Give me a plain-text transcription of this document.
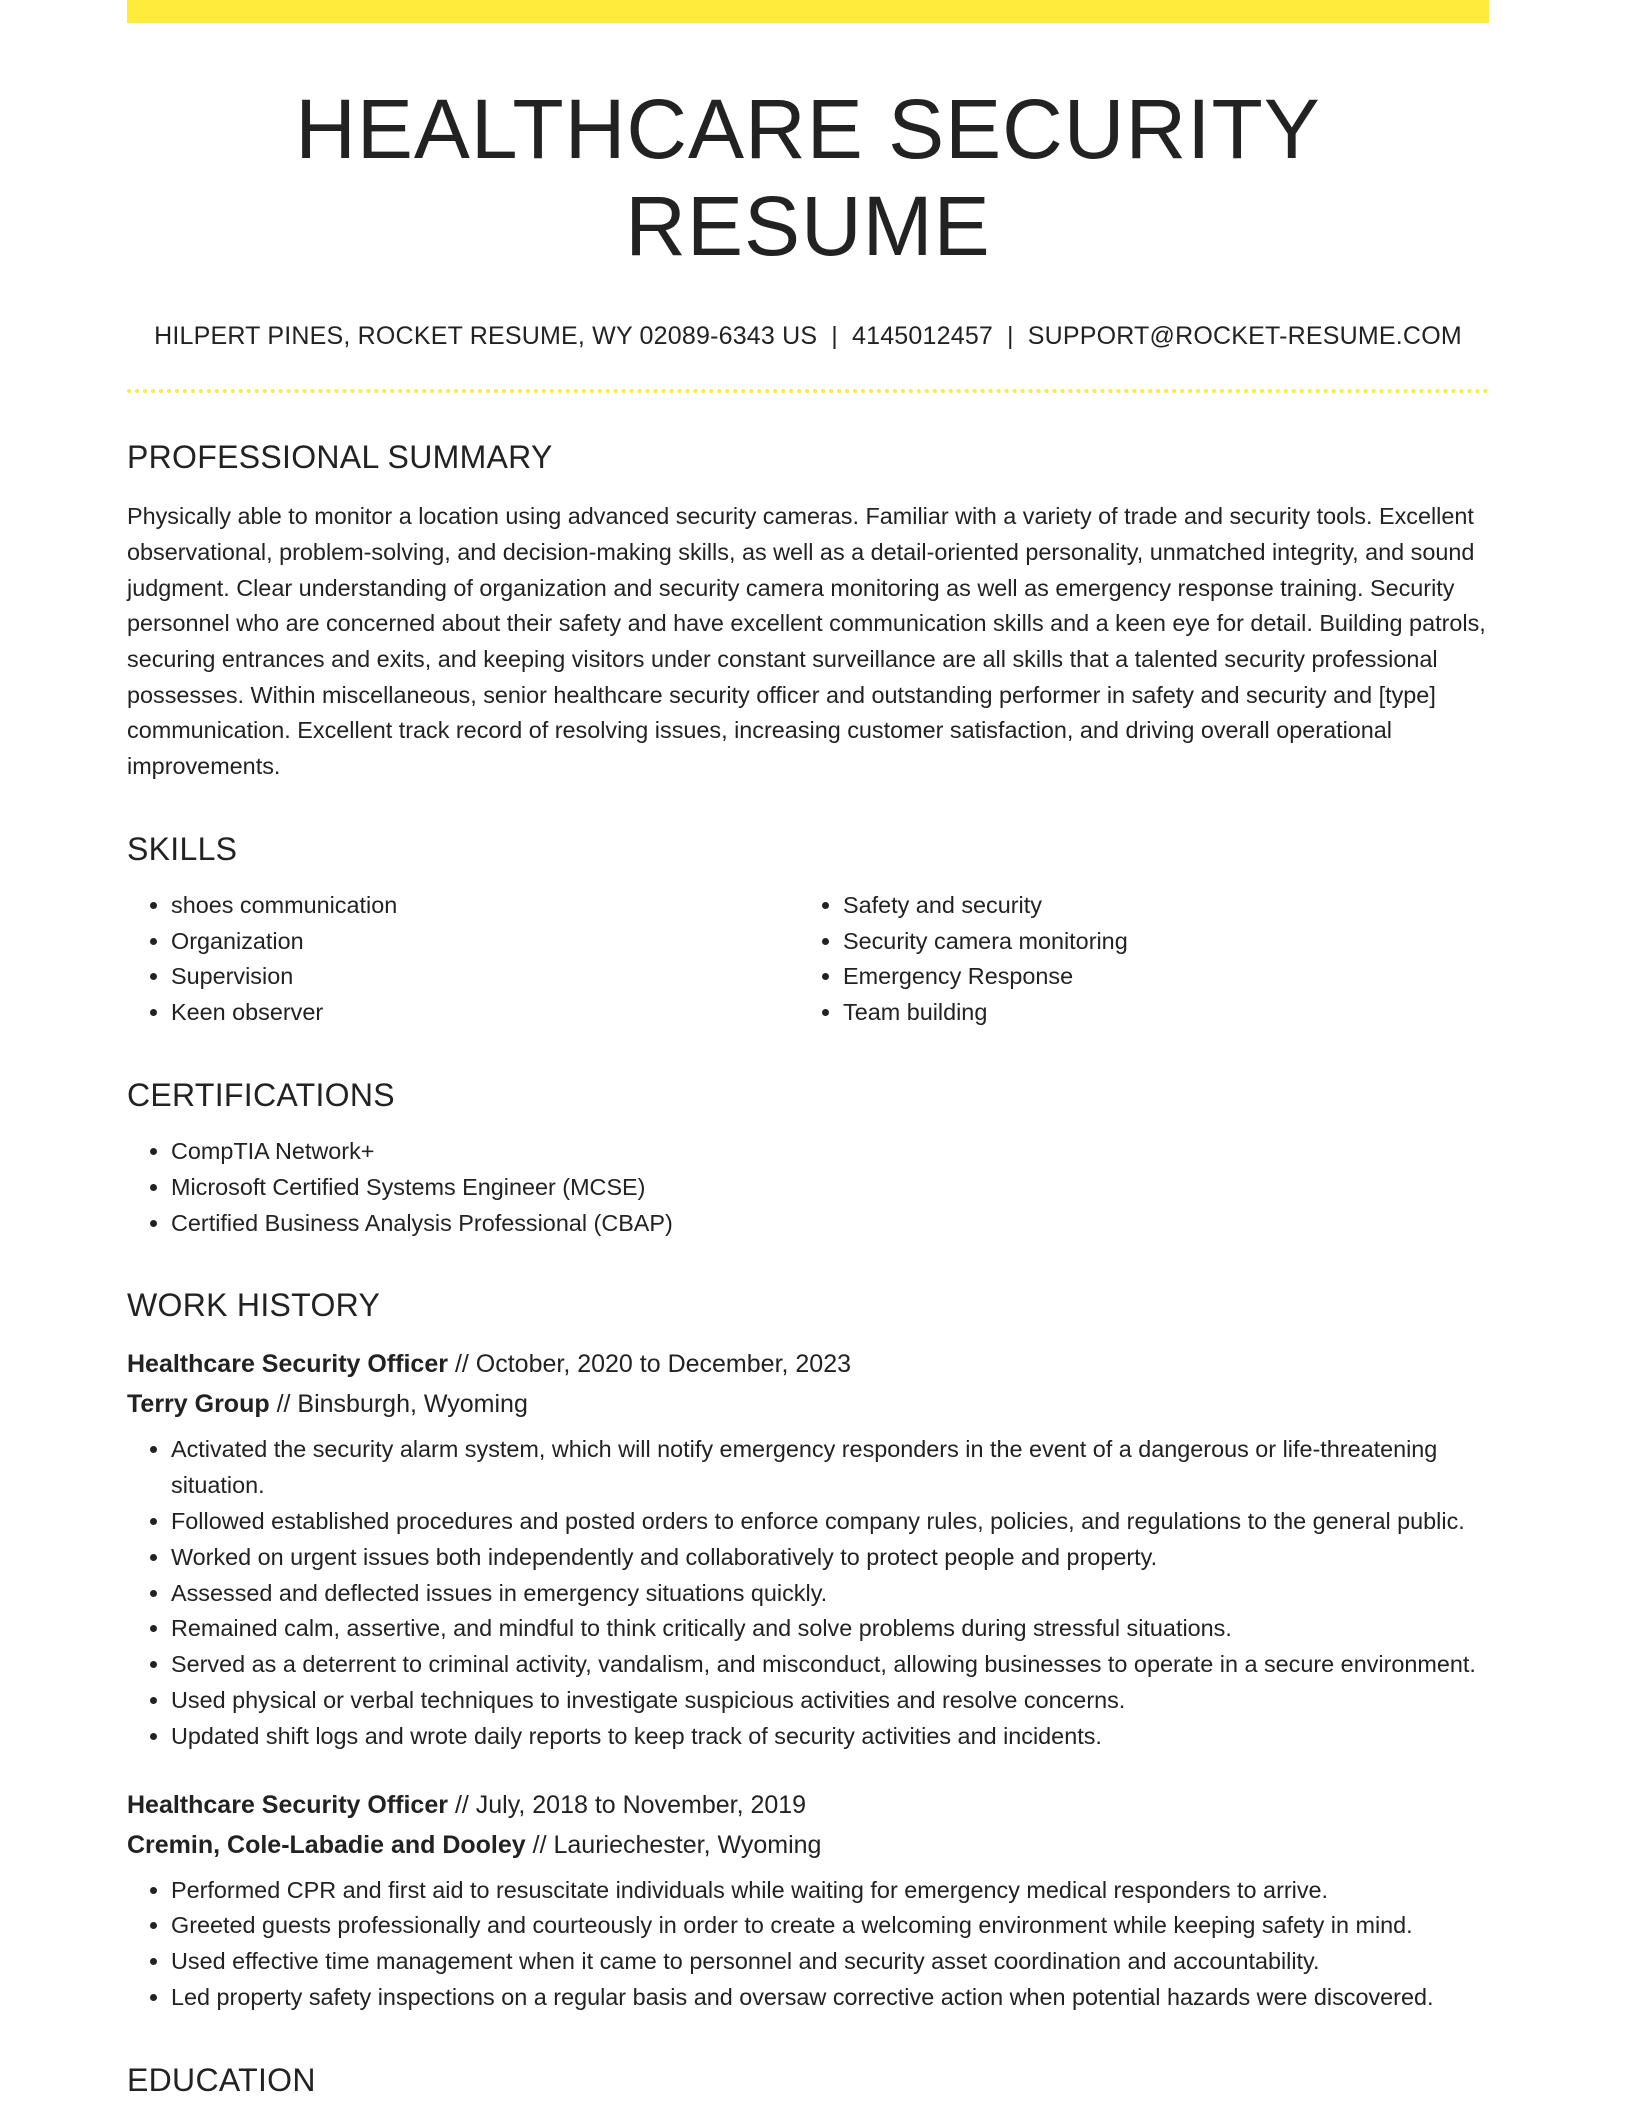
HEALTHCARE SECURITY RESUME
HILPERT PINES, ROCKET RESUME, WY 02089-6343 US | 4145012457 | SUPPORT@ROCKET-RESUME.COM
PROFESSIONAL SUMMARY
Physically able to monitor a location using advanced security cameras. Familiar with a variety of trade and security tools. Excellent observational, problem-solving, and decision-making skills, as well as a detail-oriented personality, unmatched integrity, and sound judgment. Clear understanding of organization and security camera monitoring as well as emergency response training. Security personnel who are concerned about their safety and have excellent communication skills and a keen eye for detail. Building patrols, securing entrances and exits, and keeping visitors under constant surveillance are all skills that a talented security professional possesses. Within miscellaneous, senior healthcare security officer and outstanding performer in safety and security and [type] communication. Excellent track record of resolving issues, increasing customer satisfaction, and driving overall operational improvements.
SKILLS
• shoes communication
• Organization
• Supervision
• Keen observer
• Safety and security
• Security camera monitoring
• Emergency Response
• Team building
CERTIFICATIONS
• CompTIA Network+
• Microsoft Certified Systems Engineer (MCSE)
• Certified Business Analysis Professional (CBAP)
WORK HISTORY
Healthcare Security Officer // October, 2020 to December, 2023
Terry Group // Binsburgh, Wyoming
• Activated the security alarm system, which will notify emergency responders in the event of a dangerous or life-threatening situation.
• Followed established procedures and posted orders to enforce company rules, policies, and regulations to the general public.
• Worked on urgent issues both independently and collaboratively to protect people and property.
• Assessed and deflected issues in emergency situations quickly.
• Remained calm, assertive, and mindful to think critically and solve problems during stressful situations.
• Served as a deterrent to criminal activity, vandalism, and misconduct, allowing businesses to operate in a secure environment.
• Used physical or verbal techniques to investigate suspicious activities and resolve concerns.
• Updated shift logs and wrote daily reports to keep track of security activities and incidents.
Healthcare Security Officer // July, 2018 to November, 2019
Cremin, Cole-Labadie and Dooley // Lauriechester, Wyoming
• Performed CPR and first aid to resuscitate individuals while waiting for emergency medical responders to arrive.
• Greeted guests professionally and courteously in order to create a welcoming environment while keeping safety in mind.
• Used effective time management when it came to personnel and security asset coordination and accountability.
• Led property safety inspections on a regular basis and oversaw corrective action when potential hazards were discovered.
EDUCATION
